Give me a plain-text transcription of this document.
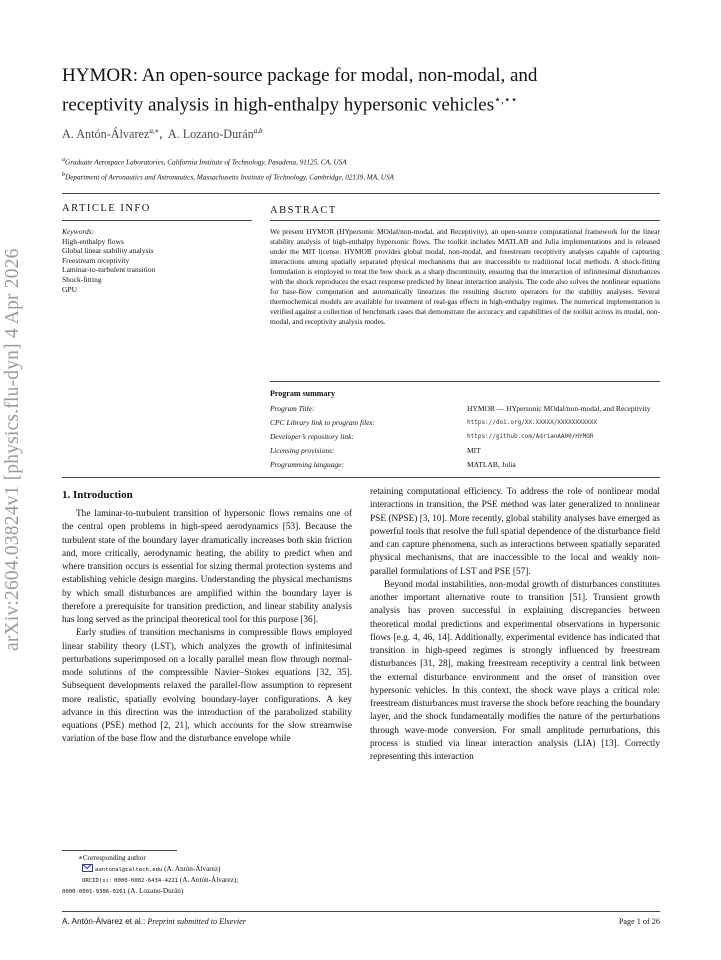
arXiv:2604.03824v1 [physics.flu-dyn] 4 Apr 2026
HYMOR: An open-source package for modal, non-modal, and
receptivity analysis in high-enthalpy hypersonic vehicles⋆,⋆⋆
A. Antón-Álvarez$^{a,∗}$,  A. Lozano-Durán$^{a,b}$
$^a$Graduate Aerospace Laboratories, California Institute of Technology, Pasadena, 91125, CA, USA
$^b$Department of Aeronautics and Astronautics, Massachusetts Institute of Technology, Cambridge, 02139, MA, USA
ARTICLE INFO	ABSTRACT
Keywords:
High-enthalpy flows
Global linear stability analysis
Freestream receptivity
Laminar-to-turbulent transition
Shock-fitting
GPU
We present HYMOR (HYpersonic MOdal/non-modal, and Receptivity), an open-source computational framework for the linear stability analysis of high-enthalpy hypersonic flows. The toolkit includes MATLAB and Julia implementations and is released under the MIT license. HYMOR provides global modal, non-modal, and freestream receptivity analyses capable of capturing interactions among spatially separated physical mechanisms that are inaccessible to traditional local methods. A shock-fitting formulation is employed to treat the bow shock as a sharp discontinuity, ensuring that the interaction of infinitesimal disturbances with the shock reproduces the exact response predicted by linear interaction analysis. The code also solves the nonlinear equations for base-flow computation and automatically linearizes the resulting discrete operators for the stability analyses. Several thermochemical models are available for treatment of real-gas effects in high-enthalpy regimes. The numerical implementation is verified against a collection of benchmark cases that demonstrate the accuracy and capabilities of the toolkit across its modal, non-modal, and receptivity analysis modes.
Program summary
Program Title:	HYMOR — HYpersonic MOdal/non-modal, and Receptivity
CPC Library link to program files:	https://doi.org/XX.XXXXX/XXXXXXXXXXX
Developer’s repository link:	https://github.com/AdrianAA00/HYMOR
Licensing provisions:	MIT
Programming language:	MATLAB, Julia
1. Introduction

The laminar-to-turbulent transition of hypersonic flows remains one of the central open problems in high-speed aerodynamics [53]. Because the turbulent state of the boundary layer dramatically increases both skin friction and, more critically, aerodynamic heating, the ability to predict when and where transition occurs is essential for sizing thermal protection systems and establishing vehicle design margins. Understanding the physical mechanisms by which small disturbances are amplified within the boundary layer is therefore a prerequisite for transition prediction, and linear stability analysis has long served as the principal theoretical tool for this purpose [36].

Early studies of transition mechanisms in compressible flows employed linear stability theory (LST), which analyzes the growth of infinitesimal perturbations superimposed on a locally parallel mean flow through normal-mode solutions of the compressible Navier–Stokes equations [32, 35]. Subsequent developments relaxed the parallel-flow assumption to represent more realistic, spatially evolving boundary-layer configurations. A key advance in this direction was the introduction of the parabolized stability equations (PSE) method [2, 21], which accounts for the slow streamwise variation of the base flow and the disturbance envelope while

retaining computational efficiency. To address the role of nonlinear modal interactions in transition, the PSE method was later generalized to nonlinear PSE (NPSE) [3, 10]. More recently, global stability analyses have emerged as powerful tools that resolve the full spatial dependence of the disturbance field and can capture phenomena, such as interactions between spatially separated physical mechanisms, that are inaccessible to the local and weakly non-parallel formulations of LST and PSE [57].

Beyond modal instabilities, non-modal growth of disturbances constitutes another important alternative route to transition [51]. Transient growth analysis has proven successful in explaining discrepancies between theoretical modal predictions and experimental observations in hypersonic flows [e.g. 4, 46, 14]. Additionally, experimental evidence has indicated that transition in high-speed regimes is strongly influenced by freestream disturbances [31, 28], making freestream receptivity a central link between the external disturbance environment and the onset of transition over hypersonic vehicles. In this context, the shock wave plays a critical role: freestream disturbances must traverse the shock before reaching the boundary layer, and the shock fundamentally modifies the nature of the perturbations through wave-mode conversion. For small amplitude perturbations, this process is studied via linear interaction analysis (LIA) [13]. Correctly representing this interaction

∗Corresponding author
aantonal@caltech.edu (A. Antón-Álvarez)
ORCID(s): 0000-0002-6434-4211 (A. Antón-Álvarez);
0000-0001-9306-0261 (A. Lozano-Durán)
A. Antón-Álvarez et al.: Preprint submitted to Elsevier	Page 1 of 26
